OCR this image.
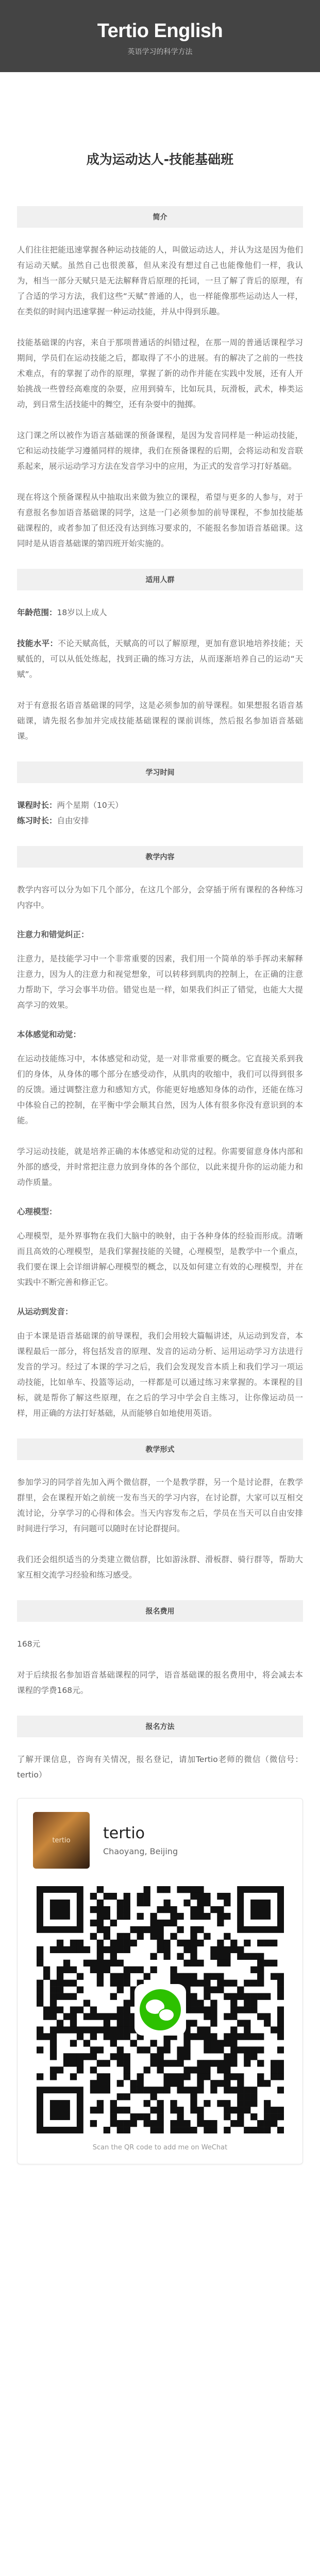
Tertio English
英语学习的科学方法
成为运动达人-技能基础班
简介

人们往往把能迅速掌握各种运动技能的人，叫做运动达人，并认为这是因为他们有运动天赋。虽然自己也很羡慕，但从来没有想过自己也能像他们一样，我认为，相当一部分天赋只是无法解释背后原理的托词，一旦了解了背后的原理，有了合适的学习方法，我们这些“天赋”普通的人，也一样能像那些运动达人一样，在类似的时间内迅速掌握一种运动技能，并从中得到乐趣。

技能基础课的内容，来自于那项普通话的纠错过程，在那一周的普通话课程学习期间，学员们在运动技能之后，都取得了不小的进展。有的解决了之前的一些技术难点，有的掌握了动作的原理，掌握了新的动作并能在实践中发展，还有人开始挑战一些曾经高难度的杂耍，应用到骑车，比如玩具，玩滑板，武术，棒类运动，到日常生活技能中的舞空，还有杂耍中的抛掷。

这门课之所以被作为语言基础课的预备课程，是因为发音同样是一种运动技能，它和运动技能学习遵循同样的规律，我们在预备课程的后期，会将运动和发音联系起来，展示运动学习方法在发音学习中的应用，为正式的发音学习打好基础。

现在将这个预备课程从中抽取出来做为独立的课程，希望与更多的人参与，对于有意报名参加语音基础课的同学，这是一门必须参加的前导课程，不参加技能基础课程的，或者参加了但还没有达到练习要求的，不能报名参加语音基础课。这同时是从语音基础课的第四班开始实施的。

适用人群

年龄范围：18岁以上成人

技能水平：不论天赋高低，天赋高的可以了解原理，更加有意识地培养技能；天赋低的，可以从低处练起，找到正确的练习方法，从而逐渐培养自己的运动“天赋”。

对于有意报名语音基础课的同学，这是必须参加的前导课程。如果想报名语音基础课，请先报名参加并完成技能基础课程的课前训练，然后报名参加语音基础课。

学习时间

课程时长：两个星期（10天）
练习时长：自由安排

教学内容

教学内容可以分为如下几个部分，在这几个部分，会穿插于所有课程的各种练习内容中。

注意力和错觉纠正：

注意力，是技能学习中一个非常重要的因素，我们用一个简单的举手挥动来解释注意力，因为人的注意力和视觉想象，可以转移到肌肉的控制上，在正确的注意力帮助下，学习会事半功倍。错觉也是一样，如果我们纠正了错觉，也能大大提高学习的效果。

本体感觉和动觉：

在运动技能练习中，本体感觉和动觉，是一对非常重要的概念。它直接关系到我们的身体，从身体的哪个部分在感受动作，从肌肉的收缩中，我们可以得到很多的反馈。通过调整注意力和感知方式，你能更好地感知身体的动作，还能在练习中体验自己的控制，在平衡中学会顺其自然，因为人体有很多你没有意识到的本能。

学习运动技能，就是培养正确的本体感觉和动觉的过程。你需要留意身体内部和外部的感受，并时常把注意力放到身体的各个部位，以此来提升你的运动能力和动作质量。

心理模型：

心理模型，是外界事物在我们大脑中的映射，由于各种身体的经验而形成。清晰而且高效的心理模型，是我们掌握技能的关键，心理模型，是教学中一个重点，我们要在课上会详细讲解心理模型的概念，以及如何建立有效的心理模型，并在实践中不断完善和修正它。

从运动到发音：

由于本课是语音基础课的前导课程，我们会用较大篇幅讲述，从运动到发音，本课程最后一部分，将包括发音的原理、发音的运动分析、运用运动学习方法进行发音的学习。经过了本课的学习之后，我们会发现发音本质上和我们学习一项运动技能，比如单车、投篮等运动，一样都是可以通过练习来掌握的。本课程的目标，就是帮你了解这些原理，在之后的学习中学会自主练习，让你像运动员一样，用正确的方法打好基础，从而能够自如地使用英语。

教学形式

参加学习的同学首先加入两个微信群，一个是教学群，另一个是讨论群，在教学群里，会在课程开始之前统一发布当天的学习内容，在讨论群，大家可以互相交流讨论，分享学习的心得和体会。当天内容发布之后，学员在当天可以自由安排时间进行学习，有问题可以随时在讨论群提问。

我们还会组织适当的分类建立微信群，比如游泳群、滑板群、骑行群等，帮助大家互相交流学习经验和练习感受。

报名费用

168元

对于后续报名参加语音基础课程的同学，语音基础课的报名费用中，将会减去本课程的学费168元。

报名方法

了解开课信息，咨询有关情况，报名登记，请加Tertio老师的微信（微信号：tertio）

tertio tertio
Chaoyang, Beijing
Scan the QR code to add me on WeChat
